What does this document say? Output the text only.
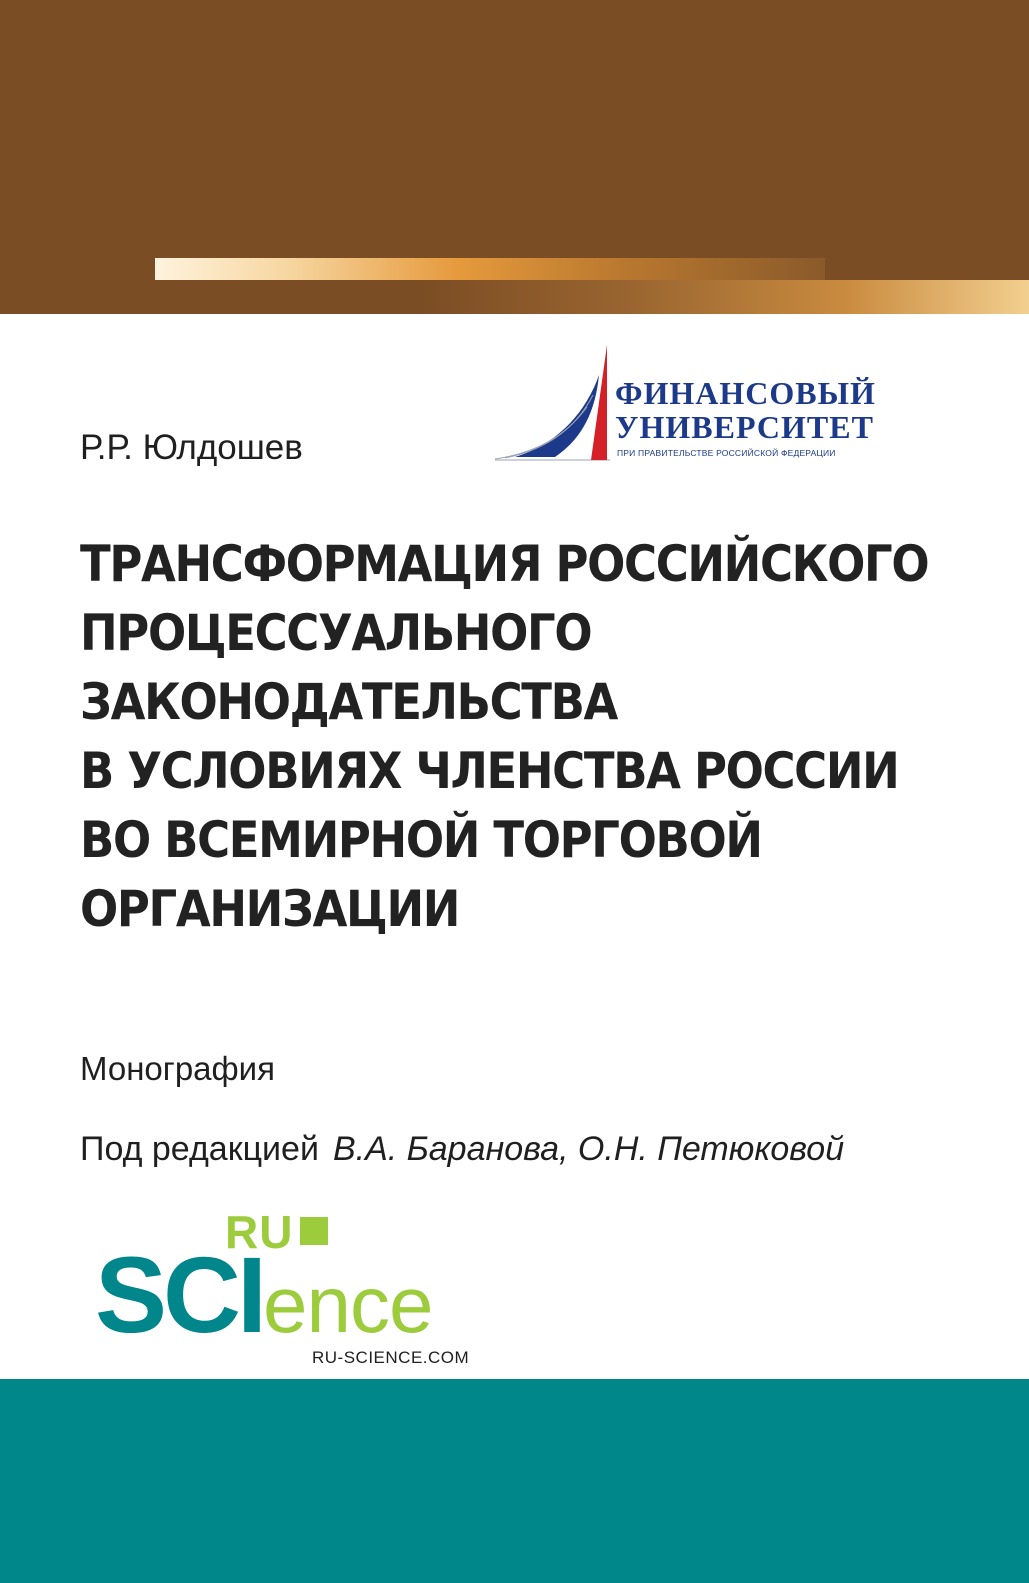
ФИНАНСОВЫЙ
УНИВЕРСИТЕТ
ПРИ ПРАВИТЕЛЬСТВЕ РОССИЙСКОЙ ФЕДЕРАЦИИ
Р.Р. Юлдошев
ТРАНСФОРМАЦИЯ РОССИЙСКОГО
ПРОЦЕССУАЛЬНОГО
ЗАКОНОДАТЕЛЬСТВА
В УСЛОВИЯХ ЧЛЕНСТВА РОССИИ
ВО ВСЕМИРНОЙ ТОРГОВОЙ
ОРГАНИЗАЦИИ
Монография
Под редакцией В.А. Баранова, О.Н. Петюковой
RU
SCIence
RU-SCIENCE.COM
